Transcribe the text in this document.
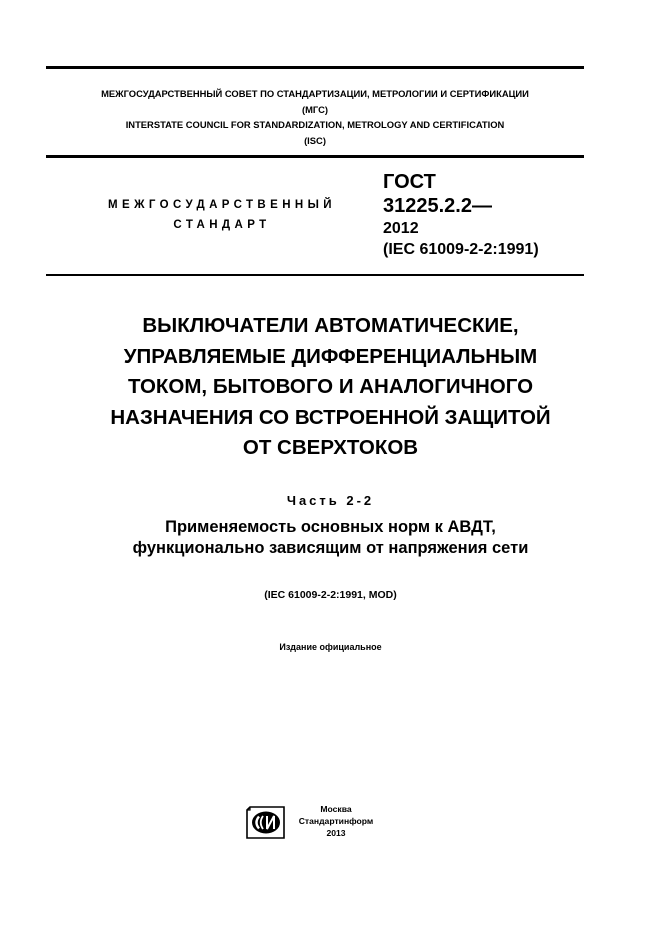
МЕЖГОСУДАРСТВЕННЫЙ СОВЕТ ПО СТАНДАРТИЗАЦИИ, МЕТРОЛОГИИ И СЕРТИФИКАЦИИ
(МГС)
INTERSTATE COUNCIL FOR STANDARDIZATION, METROLOGY AND CERTIFICATION
(ISC)
МЕЖГОСУДАРСТВЕННЫЙ
СТАНДАРТ
ГОСТ
31225.2.2—
2012
(IEC 61009-2-2:1991)
ВЫКЛЮЧАТЕЛИ АВТОМАТИЧЕСКИЕ,
УПРАВЛЯЕМЫЕ ДИФФЕРЕНЦИАЛЬНЫМ
ТОКОМ, БЫТОВОГО И АНАЛОГИЧНОГО
НАЗНАЧЕНИЯ СО ВСТРОЕННОЙ ЗАЩИТОЙ
ОТ СВЕРХТОКОВ
Часть 2-2
Применяемость основных норм к АВДТ,
функционально зависящим от напряжения сети
(IEC 61009-2-2:1991, MOD)
Издание официальное
Москва
Стандартинформ
2013
